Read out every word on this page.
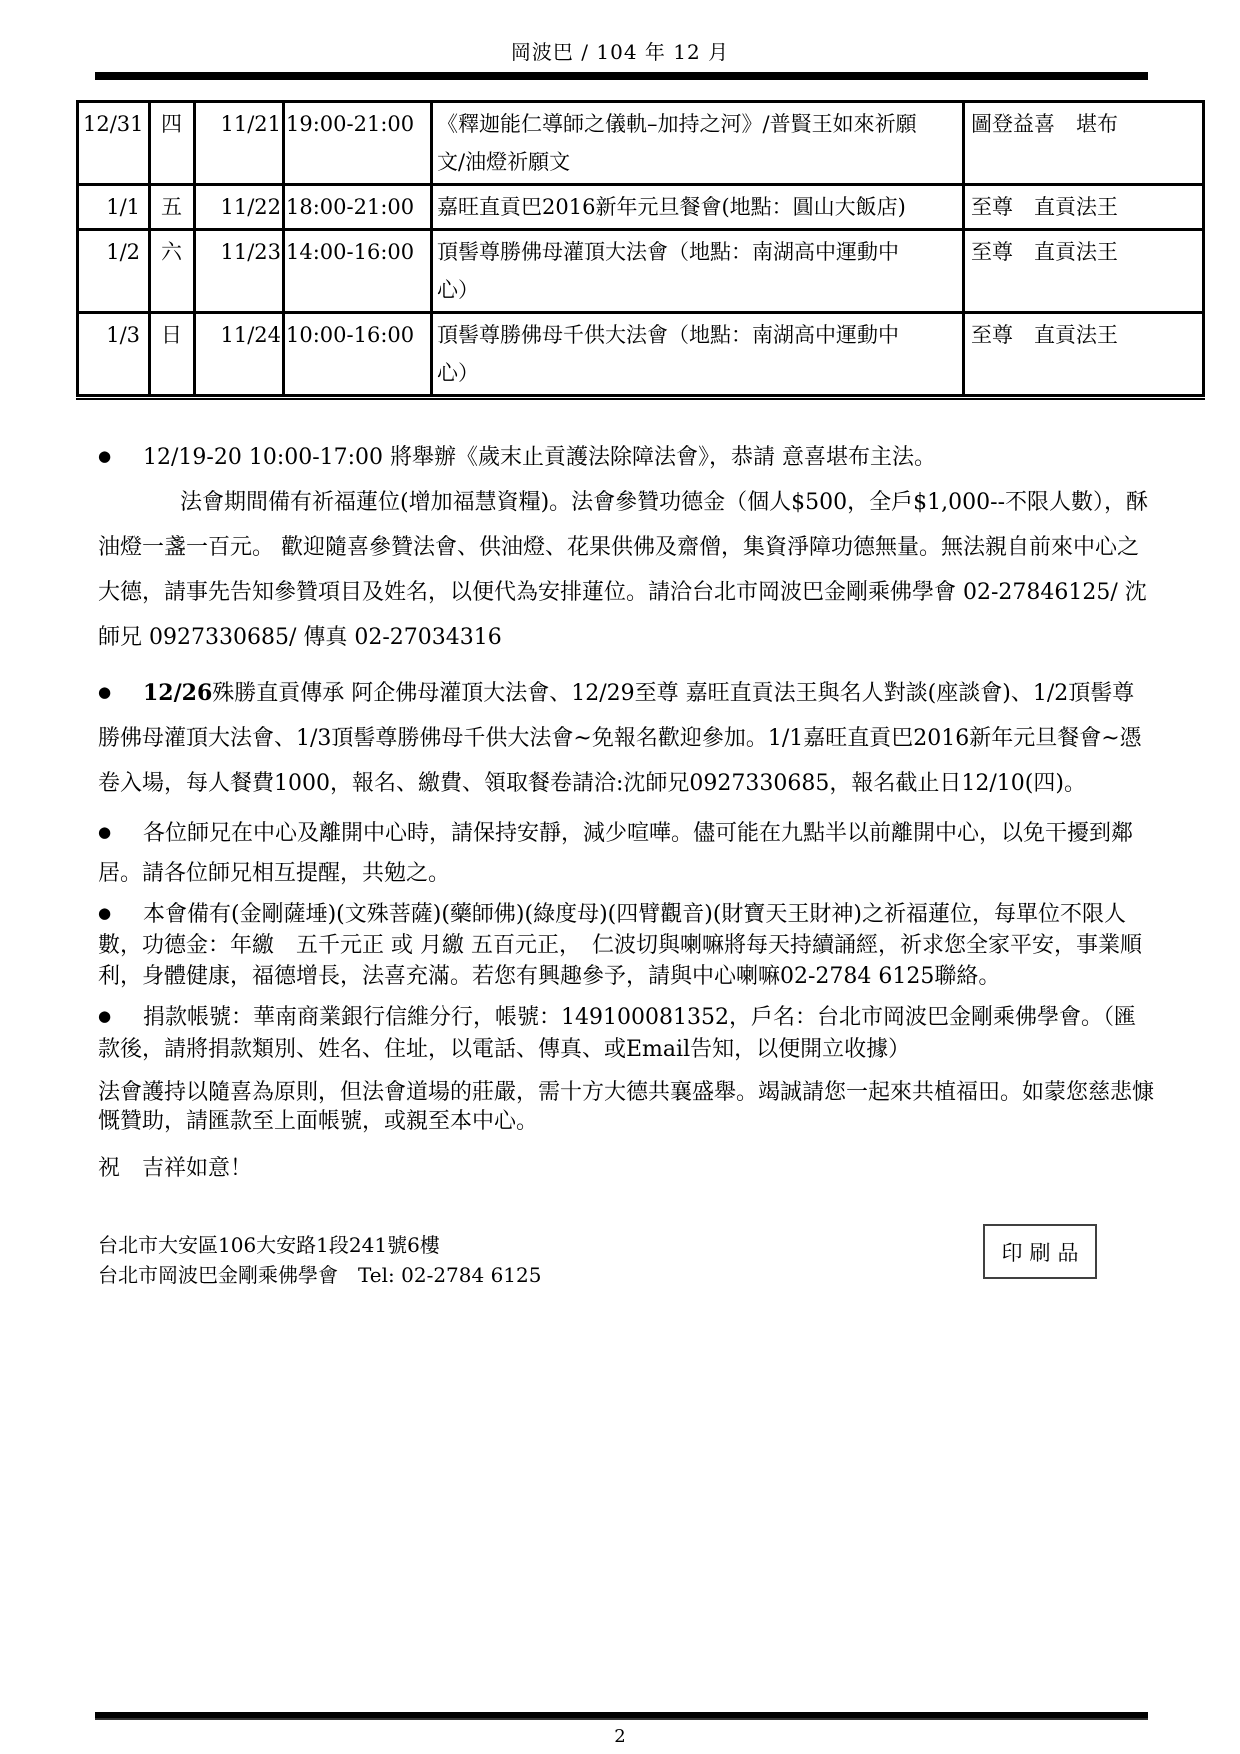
岡波巴 / 104 年 12 月
12/31	四	11/21	19:00-21:00	《釋迦能仁導師之儀軌–加持之河》/普賢王如來祈願文/油燈祈願文	圖登益喜　堪布
1/1	五	11/22	18:00-21:00	嘉旺直貢巴2016新年元旦餐會(地點：圓山大飯店)	至尊　直貢法王
1/2	六	11/23	14:00-16:00	頂髻尊勝佛母灌頂大法會（地點：南湖高中運動中心）	至尊　直貢法王
1/3	日	11/24	10:00-16:00	頂髻尊勝佛母千供大法會（地點：南湖高中運動中心）	至尊　直貢法王

● 12/19-20 10:00-17:00 將舉辦《歲末止貢護法除障法會》，恭請 意喜堪布主法。

法會期間備有祈福蓮位(增加福慧資糧)。法會參贊功德金（個人$500，全戶$1,000--不限人數），酥油燈一盞一百元。 歡迎隨喜參贊法會、供油燈、花果供佛及齋僧，集資淨障功德無量。無法親自前來中心之大德，請事先告知參贊項目及姓名，以便代為安排蓮位。請洽台北市岡波巴金剛乘佛學會 02-27846125/ 沈師兄 0927330685/ 傳真 02-27034316

● 12/26殊勝直貢傳承 阿企佛母灌頂大法會、12/29至尊 嘉旺直貢法王與名人對談(座談會)、1/2頂髻尊勝佛母灌頂大法會、1/3頂髻尊勝佛母千供大法會~免報名歡迎參加。1/1嘉旺直貢巴2016新年元旦餐會~憑卷入場，每人餐費1000，報名、繳費、領取餐卷請洽:沈師兄0927330685，報名截止日12/10(四)。

● 各位師兄在中心及離開中心時，請保持安靜，減少喧嘩。儘可能在九點半以前離開中心，以免干擾到鄰居。請各位師兄相互提醒，共勉之。

● 本會備有(金剛薩埵)(文殊菩薩)(藥師佛)(綠度母)(四臂觀音)(財寶天王財神)之祈福蓮位，每單位不限人數，功德金：年繳　五千元正 或 月繳 五百元正，　仁波切與喇嘛將每天持續誦經，祈求您全家平安，事業順利，身體健康，福德增長，法喜充滿。若您有興趣參予，請與中心喇嘛02-2784 6125聯絡。

● 捐款帳號：華南商業銀行信維分行，帳號：149100081352，戶名：台北市岡波巴金剛乘佛學會。（匯款後，請將捐款類別、姓名、住址，以電話、傳真、或Email告知，以便開立收據）

法會護持以隨喜為原則，但法會道場的莊嚴，需十方大德共襄盛舉。竭誠請您一起來共植福田。如蒙您慈悲慷慨贊助，請匯款至上面帳號，或親至本中心。

祝　吉祥如意！

台北市大安區106大安路1段241號6樓

台北市岡波巴金剛乘佛學會　Tel: 02-2784 6125

印刷品
2
